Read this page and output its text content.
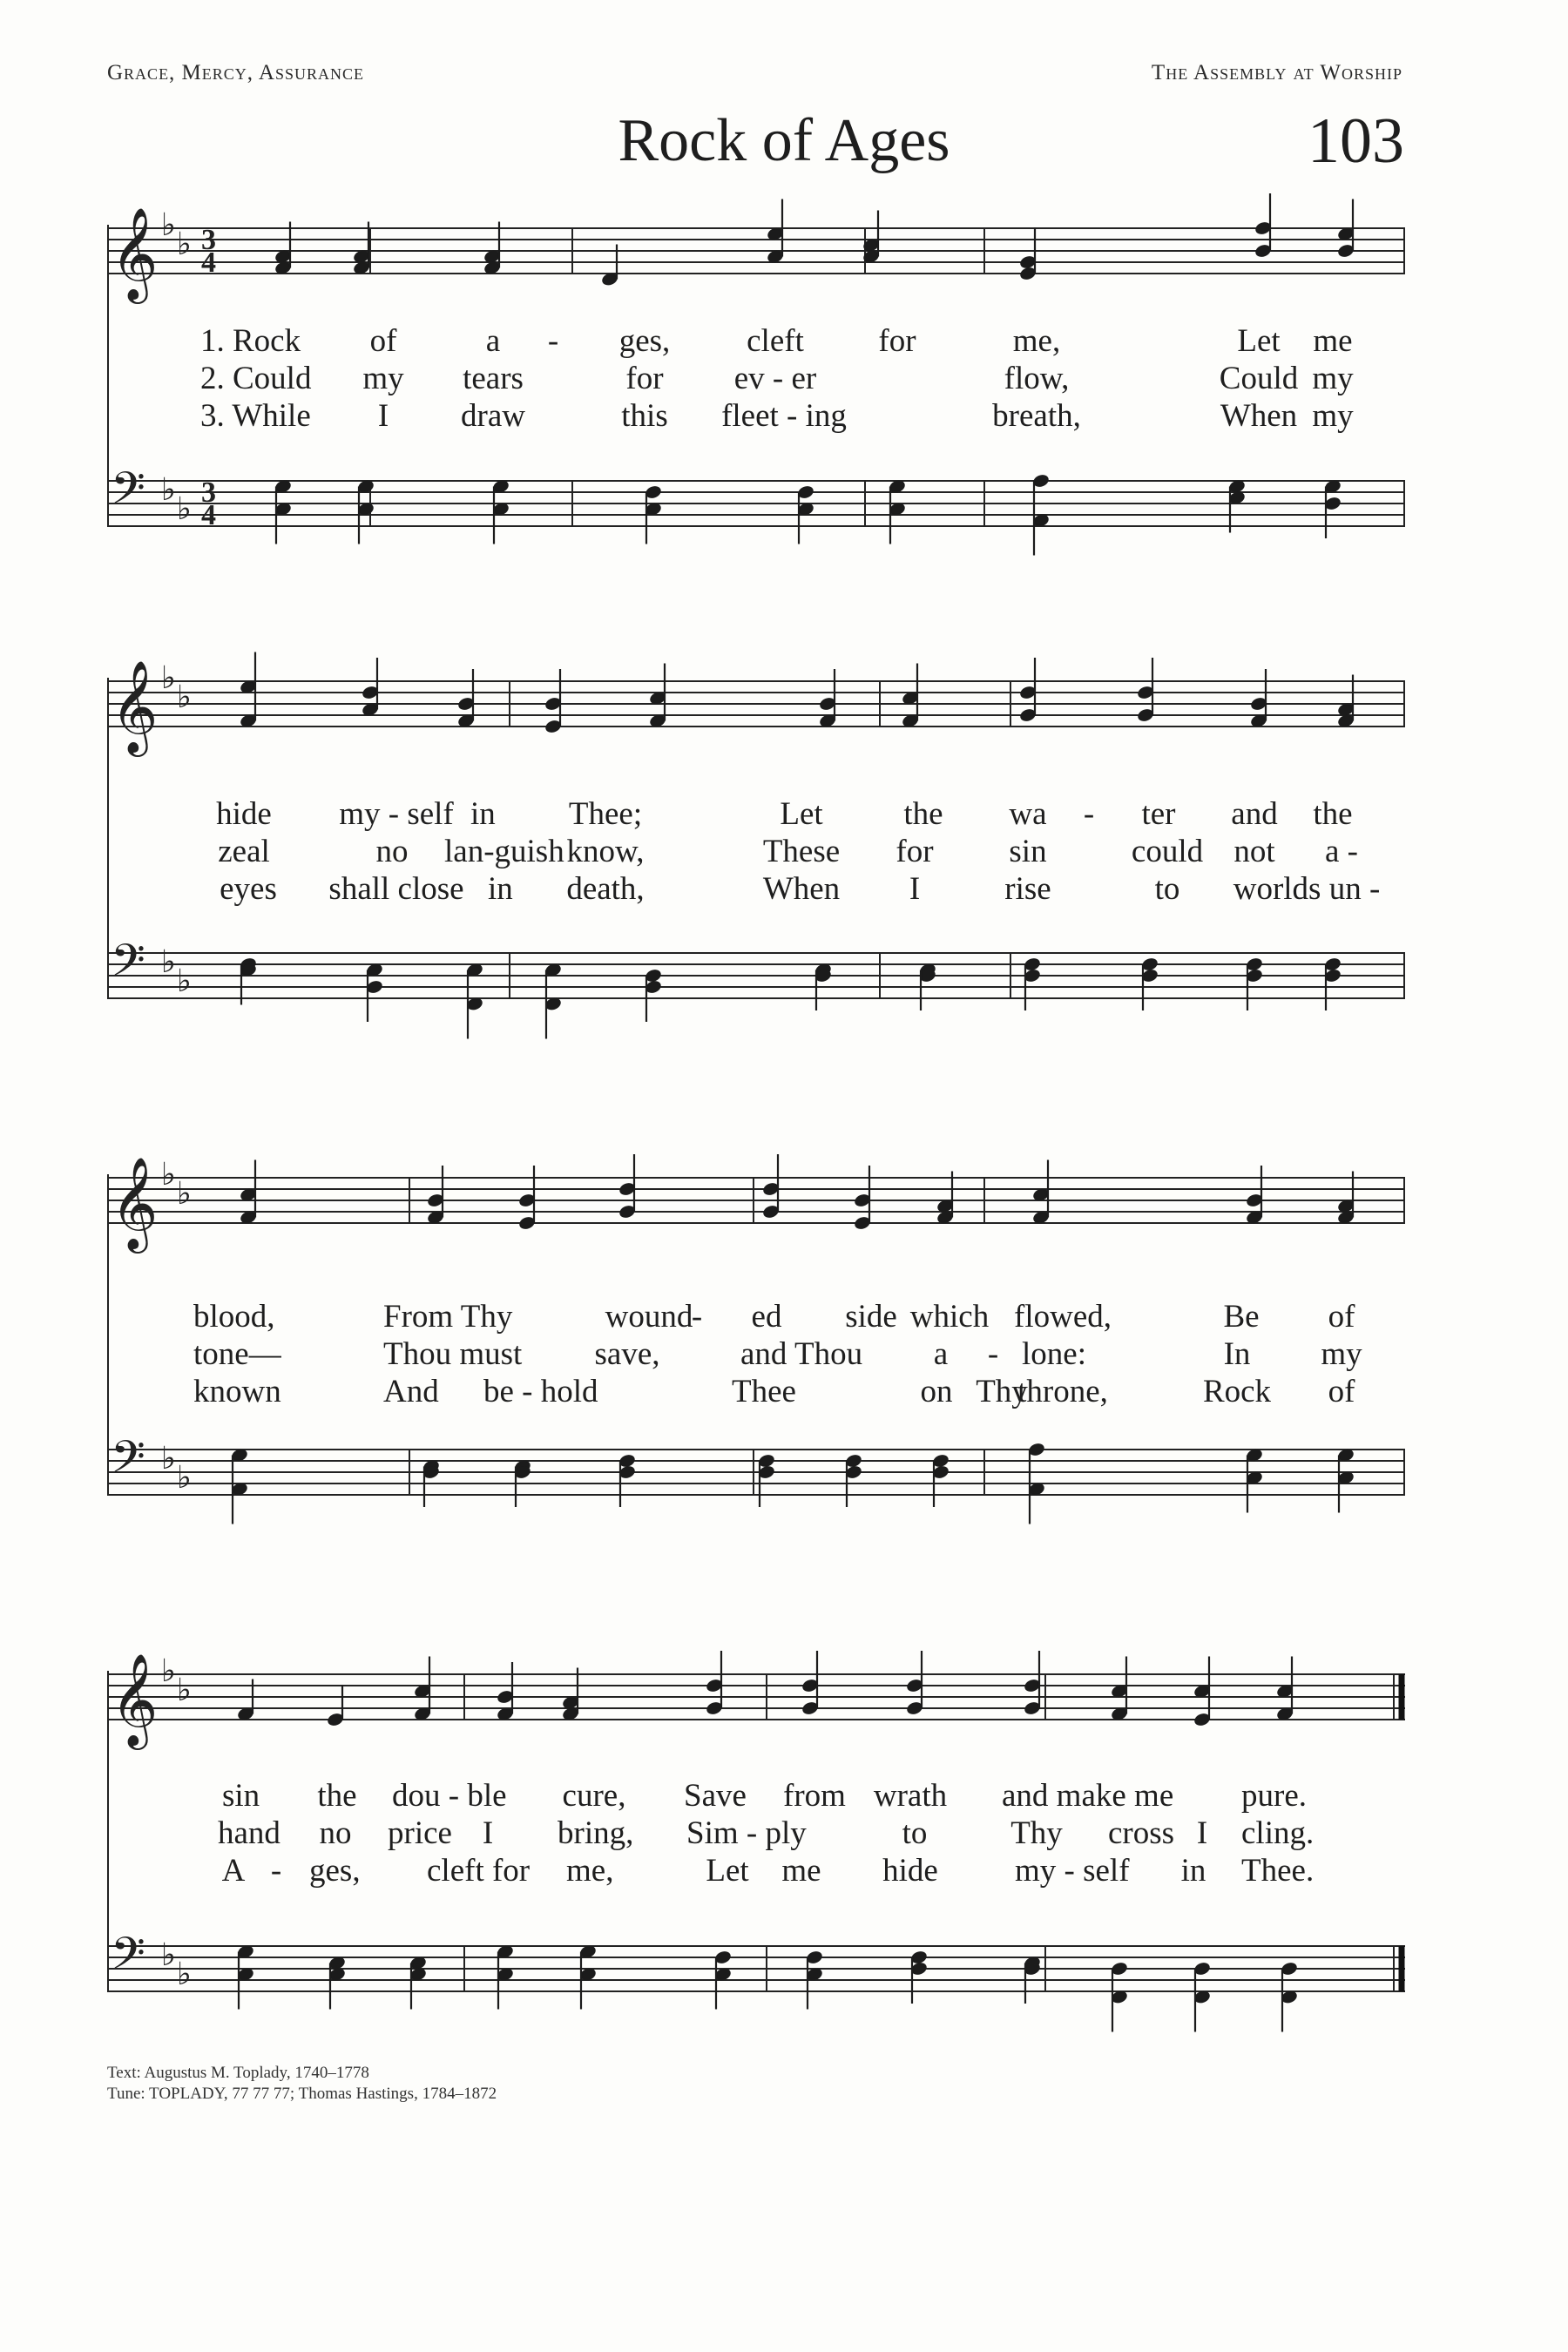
Grace, Mercy, Assurance	The Assembly at Worship
Rock of Ages	103
𝄞 ♭
♭ 3
4
𝄢 ♭
♭ 3
4
1. Rock of	a - ges, cleft for	me,	Let me
2. Could my tears	for ev - er	flow,	Could my
3. While I draw	this fleet - ing	breath,	When my
𝄞 ♭
♭
𝄢 ♭
♭
hide my - self in Thee;	Let	the wa - ter and the
zeal	no lan-guish know,	These for sin	could not a -
eyes shall close in death,	When I	rise	to worlds un -
𝄞 ♭
♭
𝄢 ♭
♭
blood,	From Thy	wound
- ed side which flowed,	Be of
tone—	Thou must save,	and Thou a - lone:	In my
known	And be - hold	Thee	on Thy
throne,	Rock of
𝄞 ♭
♭
𝄢 ♭
♭
sin the dou - ble cure, Save from wrath and make me pure.
hand no price I bring, Sim - ply	to	Thy cross I cling.
A - ges, cleft for me,	Let me hide my - self in Thee.
Text: Augustus M. Toplady, 1740–1778
Tune: TOPLADY, 77 77 77; Thomas Hastings, 1784–1872
